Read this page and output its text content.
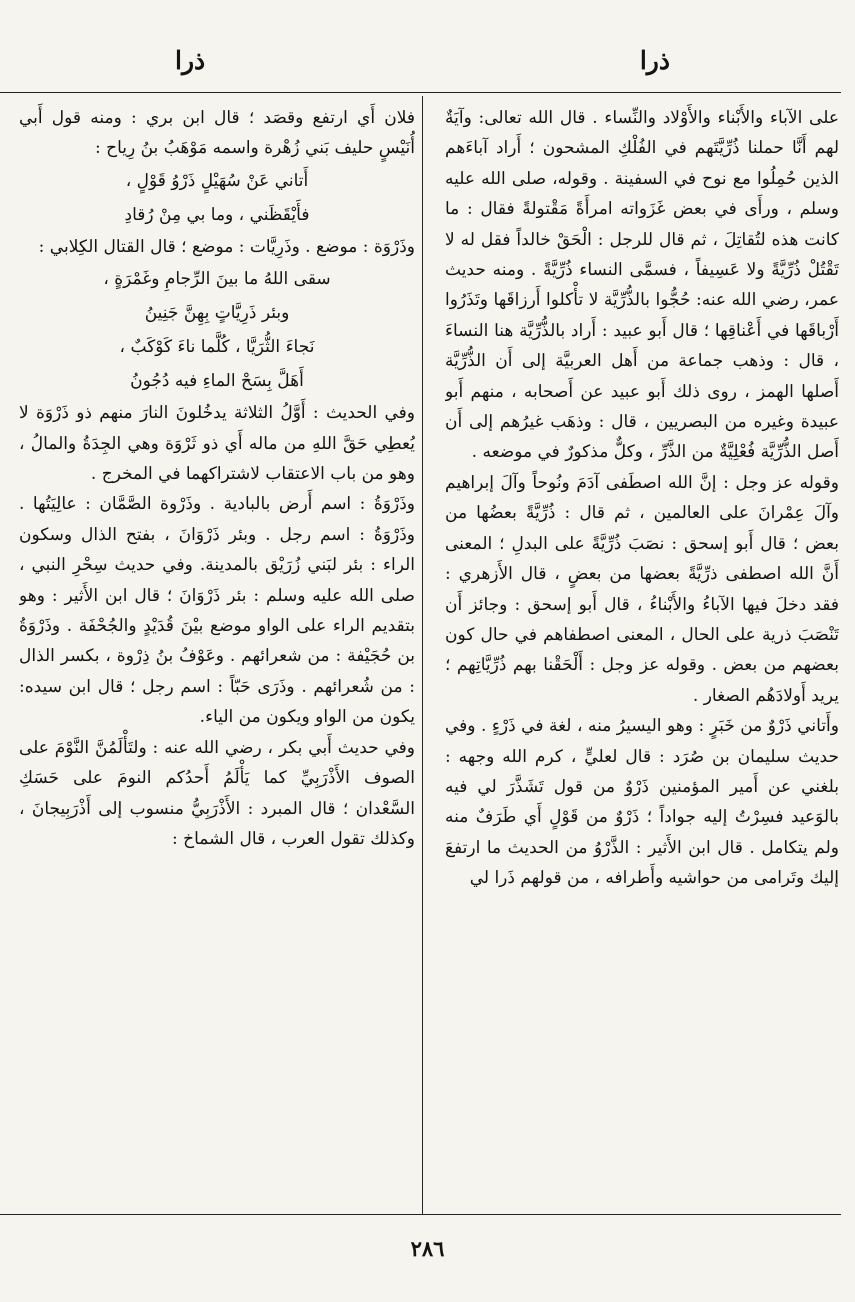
ذرا
ذرا

على الآباء والأَبْناء والأَوْلاد والنِّساء . قال الله تعالى: وآيَةٌ لهم أَنَّا حملنا ذُرِّيَّتَهم في الفُلْكِ المشحون ؛ أَراد آباءَهم الذين حُمِلُوا مع نوح في السفينة . وقوله، صلى الله عليه وسلم ، ورأَى في بعض غَزَواته امرأَةً مَقْتولةً فقال : ما كانت هذه لتُقاتِلَ ، ثم قال للرجل : الْحَقْ خالداً فقل له لا تَقْتُلْ ذُرِّيَّةً ولا عَسِيفاً ، فسمَّى النساء ذُرِّيَّةً . ومنه حديث عمر، رضي الله عنه: حُجُّوا بالذُّرِّيَّة لا تأْكلوا أَرزاقَها وتَذَرُوا أَرْباقَها في أَعْناقِها ؛ قال أَبو عبيد : أَراد بالذُّرِّيَّة هنا النساءَ ، قال : وذهب جماعة من أَهل العربيَّة إلى أَن الذُّرِّيَّة أَصلها الهمز ، روى ذلك أَبو عبيد عن أَصحابه ، منهم أَبو عبيدة وغيره من البصريين ، قال : وذهَب غيرُهم إلى أَن أَصل الذُّرِّيَّة فُعْلِيَّةٌ من الذَّرِّ ، وكلٌّ مذكورٌ في موضعه .

وقوله عز وجل : إنَّ الله اصطَفى آدَمَ ونُوحاً وآلَ إبراهيم وآلَ عِمْرانَ على العالمين ، ثم قال : ذُرِّيَّةً بعضُها من بعض ؛ قال أَبو إسحق : نصَبَ ذُرِّيَّةً على البدلِ ؛ المعنى أَنَّ الله اصطفى ذرِّيَّةً بعضها من بعضٍ ، قال الأَزهري : فقد دخلَ فيها الآباءُ والأَبْناءُ ، قال أَبو إسحق : وجائز أَن تَنْصَبَ ذرية على الحال ، المعنى اصطفاهم في حال كون بعضهم من بعض . وقوله عز وجل : أَلْحَقْنا بهم ذُرِّيَّاتِهم ؛ يريد أَولادَهُم الصغار .

وأَتاني ذَرْوٌ من خَبَرٍ : وهو اليسيرُ منه ، لغة في ذَرْءٍ . وفي حديث سليمان بن صُرَد : قال لعليٍّ ، كرم الله وجهه : بلغني عن أَمير المؤمنين ذَرْوٌ من قول تَشَذَّرَ لي فيه بالوَعيد فسِرْتُ إليه جواداً ؛ ذَرْوٌ من قَوْلٍ أَي طَرَفٌ منه ولم يتكامل . قال ابن الأَثير : الذَّرْوُ من الحديث ما ارتفعَ إليك وتَرامى من حواشيه وأَطرافه ، من قولهم ذَرا لي

فلان أَي ارتفع وقصَد ؛ قال ابن بري : ومنه قول أَبي أُنَيْسٍ حليف بَني زُهْرة واسمه مَوْهَبُ بنُ رِياح :

أَتاني عَنْ سُهَيْلٍ ذَرْوُ قَوْلٍ ،

فأَيْقَظَني ، وما بي مِنْ رُقادِ

وذَرْوَة : موضع . وذَرِيَّات : موضع ؛ قال القتال الكِلابي :

سقى اللهُ ما بينَ الرِّجامِ وغَمْرَةٍ ،

وبئر ذَرِيَّاتٍ بِهِنَّ جَنِينُ

نَجاءَ الثُّرَيَّا ، كُلَّما ناءَ كَوْكَبٌ ،

أَهَلَّ بِسَحْ الماءِ فيه دُجُونُ

وفي الحديث : أَوَّلُ الثلاثة يدخُلونَ النارَ منهم ذو ذَرْوَة لا يُعطِي حَقَّ اللهِ من ماله أَي ذو ثَرْوَة وهي الجِدَةُ والمالُ ، وهو من باب الاعتقاب لاشتراكهما في المخرج .

وذَرْوَةُ : اسم أَرض بالبادية . وذَرْوة الصَّمَّان : عالِيَتُها . وذَرْوَةُ : اسم رجل . وبئر ذَرْوَانَ ، بفتح الذال وسكون الراء : بئر لبَني زُرَيْق بالمدينة. وفي حديث سِحْرِ النبي ، صلى الله عليه وسلم : بئر ذَرْوَانَ ؛ قال ابن الأَثير : وهو بتقديم الراء على الواو موضع بيْنَ قُدَيْدٍ والجُحْفَة . وذَرْوَةُ بن حُجَيْفة : من شعرائهم . وعَوْفُ بنُ ذِرْوة ، بكسر الذال : من شُعرائهم . وذَرَى حَبّاً : اسم رجل ؛ قال ابن سيده: يكون من الواو ويكون من الياء.

وفي حديث أَبي بكر ، رضي الله عنه : ولتَأْلَمُنَّ النَّوْمَ على الصوف الأَذْرَبِيِّ كما يَأْلَمُ أَحدُكم النومَ على حَسَكِ السَّعْدان ؛ قال المبرد : الأَذْرَبِيُّ منسوب إلى أَذْرَبِيجانَ ، وكذلك تقول العرب ، قال الشماخ :

٢٨٦
